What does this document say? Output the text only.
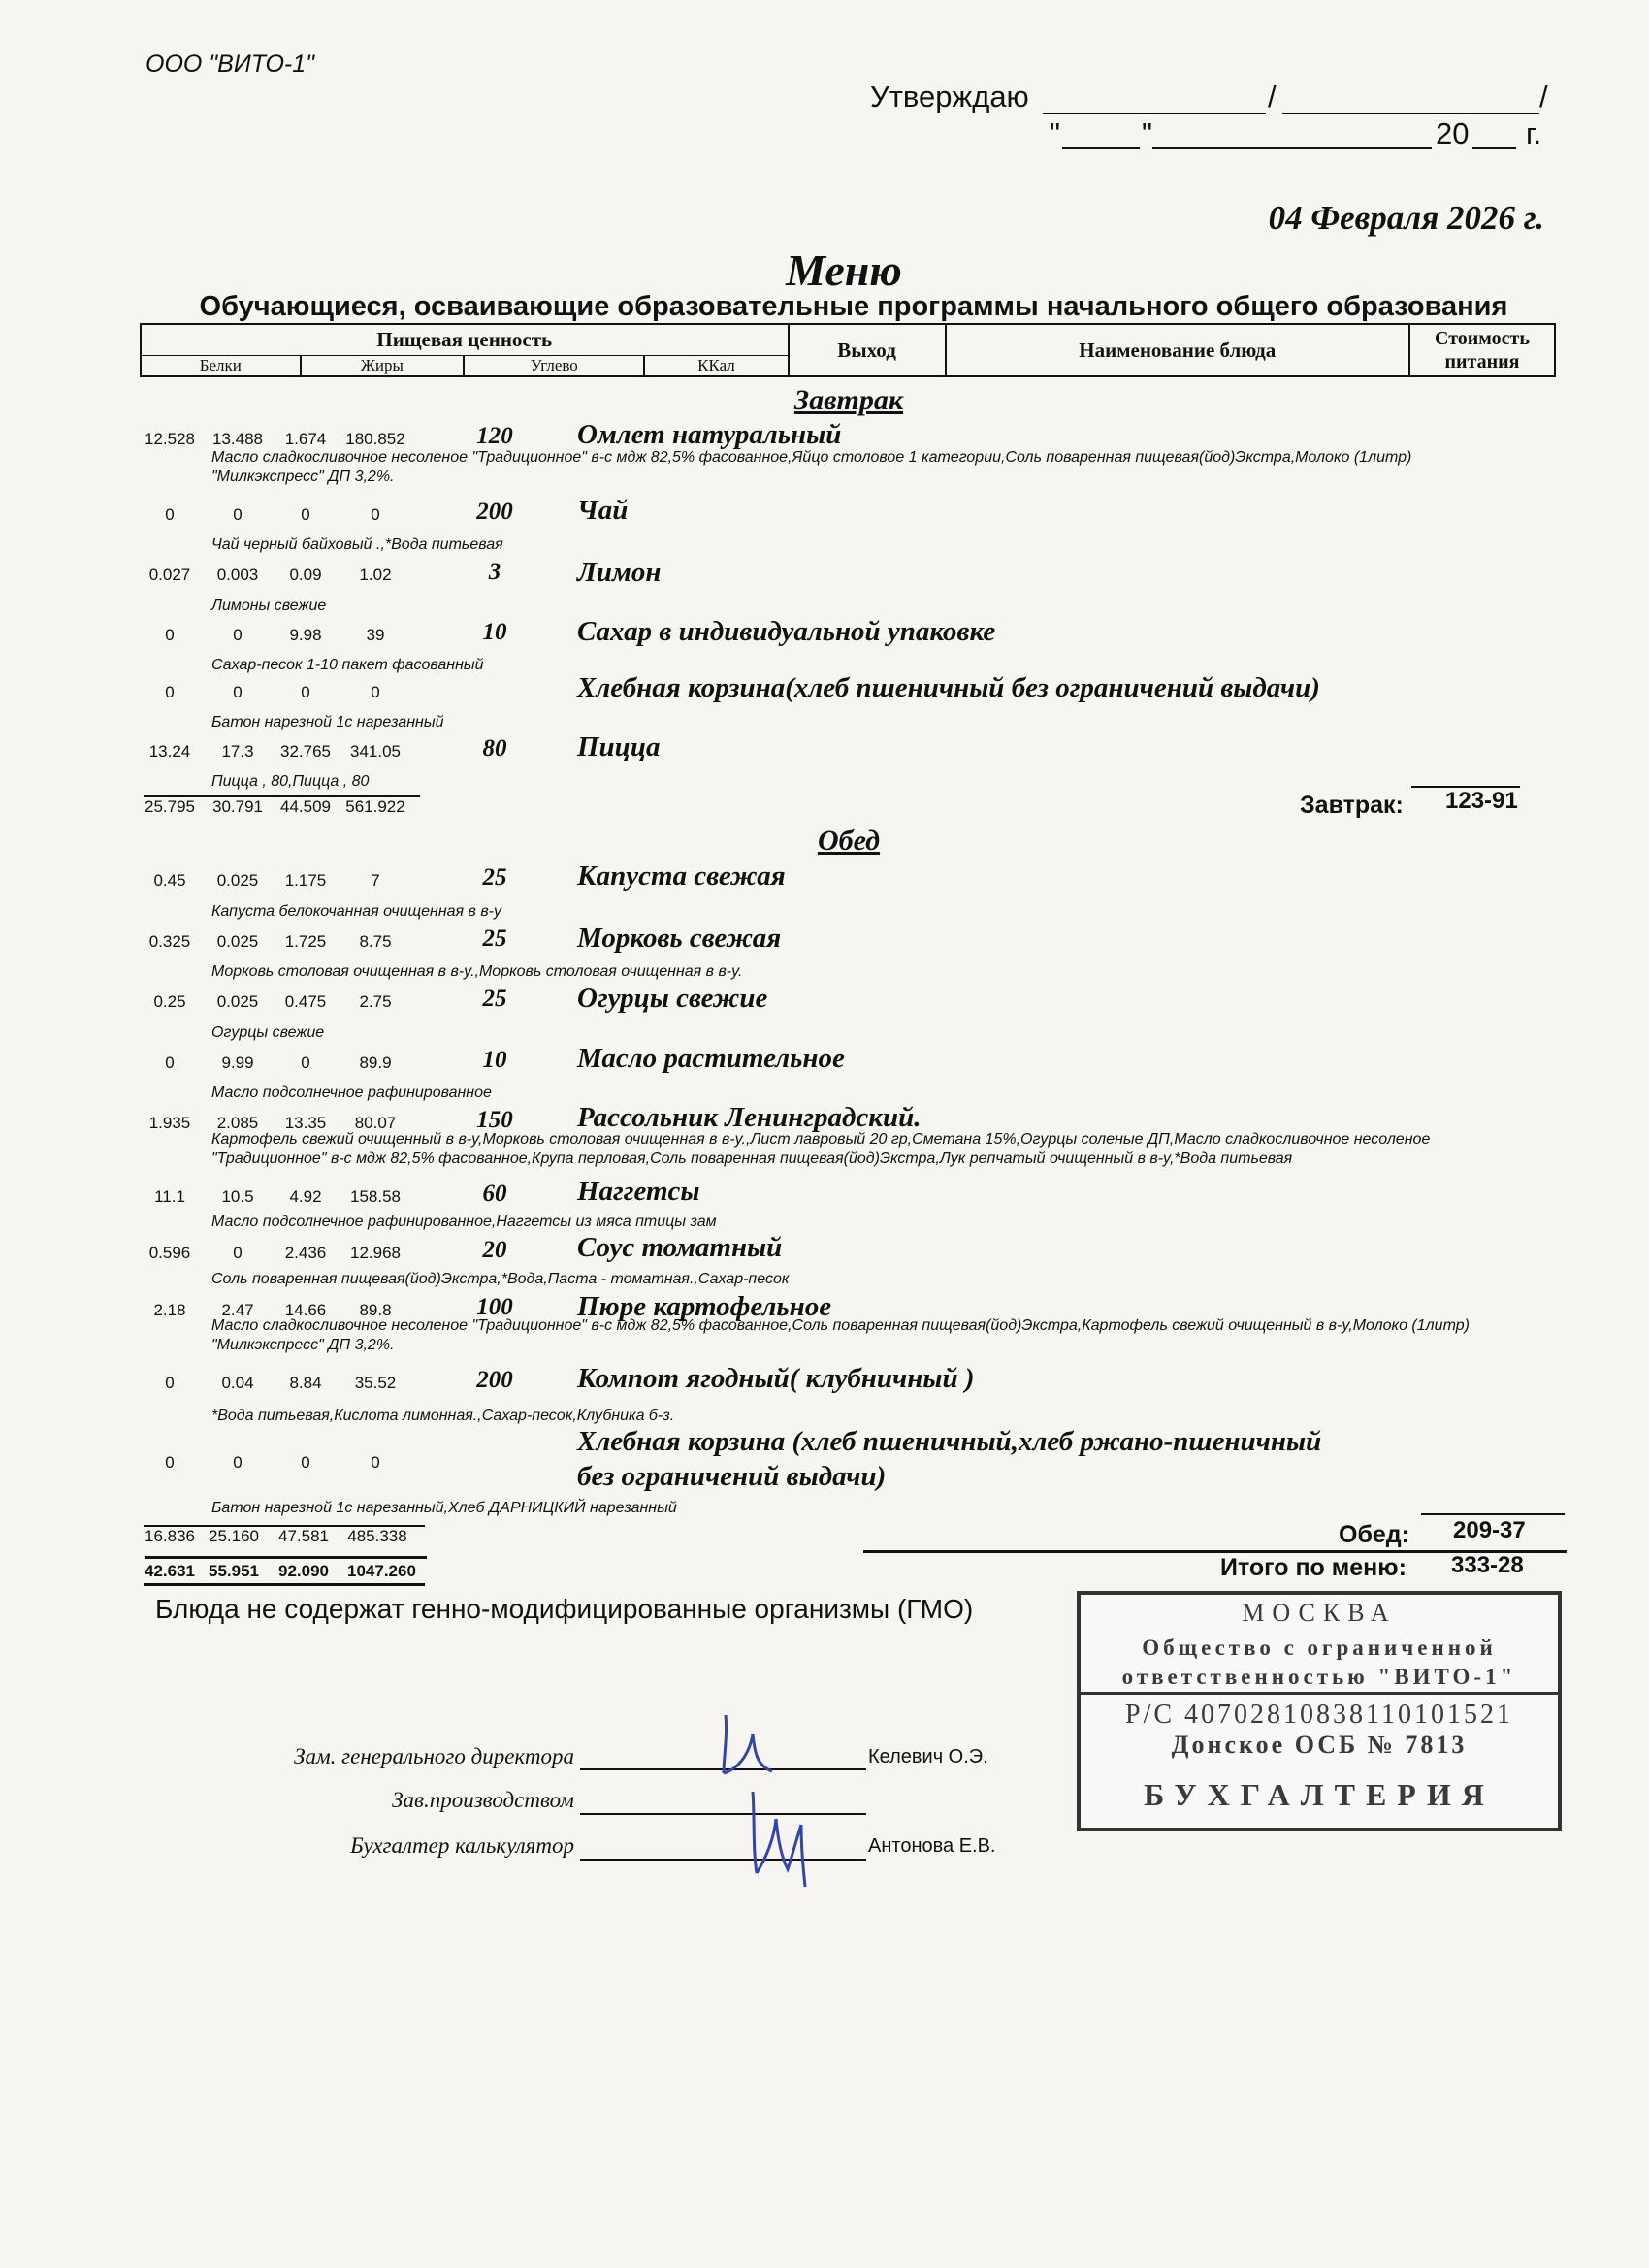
ООО "ВИТО-1"
Утверждаю	/	/
"	"	20 г.
04 Февраля 2026 г.
Меню
Обучающиеся, осваивающие образовательные программы начального общего образования
Пищевая ценность				Выход	Наименование блюда	Стоимость питания
Белки	Жиры	Углево	ККал			
Завтрак
12.528 13.488	1.674	180.852	120	Омлет натуральный
Масло сладкосливочное несоленое "Традиционное" в-с мдж 82,5% фасованное,Яйцо столовое 1 категории,Соль поваренная пищевая(йод)Экстра,Молоко (1литр) "Милкэкспресс" ДП 3,2%.
0	0	0	0	200	Чай
Чай черный байховый .,*Вода питьевая
0.027	0.003	0.09	1.02	3	Лимон
Лимоны свежие
0	0	9.98	39	10	Сахар в индивидуальной упаковке
Сахар-песок 1-10 пакет фасованный
0	0	0	0	Хлебная корзина(хлеб пшеничный без ограничений выдачи)
Батон нарезной 1с нарезанный
13.24	17.3	32.765 341.05	80	Пицца
Пицца , 80,Пицца , 80
25.795 30.791 44.509 561.922	Завтрак: 123-91
Обед
0.45	0.025	1.175	7	25	Капуста свежая
Капуста белокочанная очищенная в в-у
0.325	0.025	1.725	8.75	25	Морковь свежая
Морковь столовая очищенная в в-у.,Морковь столовая очищенная в в-у.
0.25	0.025	0.475	2.75	25	Огурцы свежие
Огурцы свежие
0	9.99	0	89.9	10	Масло растительное
Масло подсолнечное рафинированное
1.935	2.085	13.35	80.07	150	Рассольник Ленинградский.
Картофель свежий очищенный в в-у,Морковь столовая очищенная в в-у.,Лист лавровый 20 гр,Сметана 15%,Огурцы соленые ДП,Масло сладкосливочное несоленое "Традиционное" в-с мдж 82,5% фасованное,Крупа перловая,Соль поваренная пищевая(йод)Экстра,Лук репчатый очищенный в в-у,*Вода питьевая
11.1	10.5	4.92	158.58	60	Наггетсы
Масло подсолнечное рафинированное,Наггетсы из мяса птицы зам
0.596	0	2.436	12.968	20	Соус томатный
Соль поваренная пищевая(йод)Экстра,*Вода,Паста - томатная.,Сахар-песок
2.18	2.47	14.66	89.8	100	Пюре картофельное
Масло сладкосливочное несоленое "Традиционное" в-с мдж 82,5% фасованное,Соль поваренная пищевая(йод)Экстра,Картофель свежий очищенный в в-у,Молоко (1литр) "Милкэкспресс" ДП 3,2%.
0	0.04	8.84	35.52	200	Компот ягодный( клубничный )
*Вода питьевая,Кислота лимонная.,Сахар-песок,Клубника б-з.
0	0	0	0
Хлебная корзина (хлеб пшеничный,хлеб ржано-пшеничный
без ограничений выдачи)
Батон нарезной 1с нарезанный,Хлеб ДАРНИЦКИЙ нарезанный
16.836 25.160 47.581 485.338	Обед: 209-37
42.631 55.951 92.090 1047.260	Итого по меню: 333-28
Блюда не содержат генно-модифицированные организмы (ГМО)	МОСКВА
Общество с ограниченной
ответственностью "ВИТО-1"
Р/С 40702810838110101521
Донское ОСБ № 7813
БУХГАЛТЕРИЯ
Зам. генерального директора	Келевич О.Э.
Зав.производством
Бухгалтер калькулятор	Антонова Е.В.
